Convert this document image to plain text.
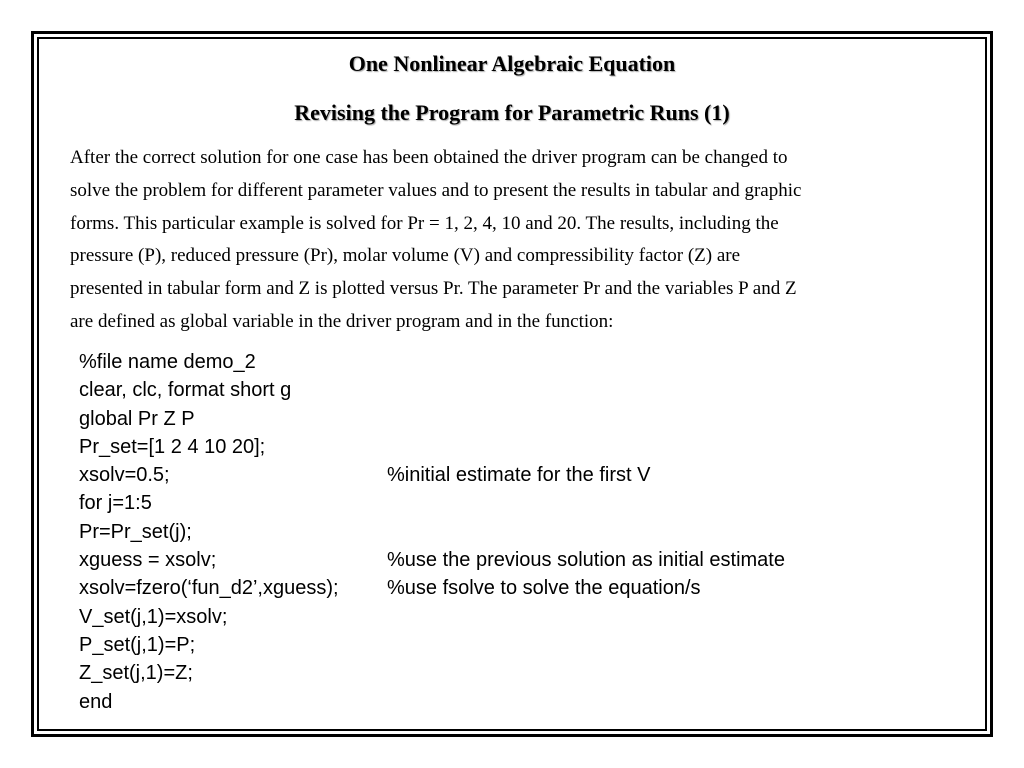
One Nonlinear Algebraic Equation
Revising the Program for Parametric Runs (1)

After the correct solution for one case has been obtained the driver program can be changed to
solve the problem for different parameter values and to present the results in tabular and graphic
forms. This particular example is solved for Pr = 1, 2, 4, 10 and 20. The results, including the
pressure (P), reduced pressure (Pr), molar volume (V) and compressibility factor (Z) are
presented in tabular form and Z is plotted versus Pr. The parameter Pr and the variables P and Z
are defined as global variable in the driver program and in the function:

%file name demo_2
clear, clc, format short g
global Pr Z P
Pr_set=[1 2 4 10 20];
xsolv=0.5;	%initial estimate for the first V
for j=1:5
Pr=Pr_set(j);
xguess = xsolv;	%use the previous solution as initial estimate
xsolv=fzero(‘fun_d2’,xguess); %use fsolve to solve the equation/s
V_set(j,1)=xsolv;
P_set(j,1)=P;
Z_set(j,1)=Z;
end
